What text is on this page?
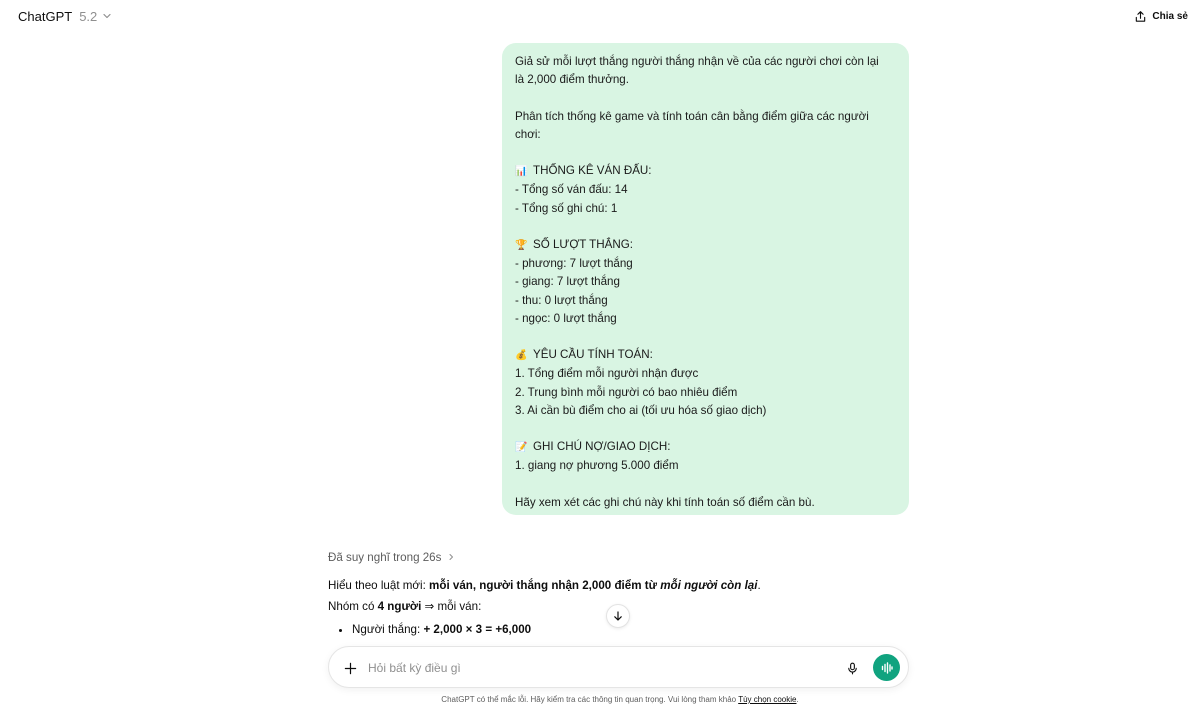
ChatGPT 5.2	Chia sẻ
Giả sử mỗi lượt thắng người thắng nhận về của các người chơi còn lại
là 2,000 điểm thưởng.
Phân tích thống kê game và tính toán cân bằng điểm giữa các người
chơi:
📊 THỐNG KÊ VÁN ĐẤU:
- Tổng số ván đấu: 14
- Tổng số ghi chú: 1
🏆 SỐ LƯỢT THẮNG:
- phương: 7 lượt thắng
- giang: 7 lượt thắng
- thu: 0 lượt thắng
- ngọc: 0 lượt thắng
💰 YÊU CẦU TÍNH TOÁN:
1. Tổng điểm mỗi người nhận được
2. Trung bình mỗi người có bao nhiêu điểm
3. Ai cần bù điểm cho ai (tối ưu hóa số giao dịch)
📝 GHI CHÚ NỢ/GIAO DỊCH:
1. giang nợ phương 5.000 điểm
Hãy xem xét các ghi chú này khi tính toán số điểm cần bù.
Đã suy nghĩ trong 26s

Hiểu theo luật mới: mỗi ván, người thắng nhận 2,000 điểm từ mỗi người còn lại.

Nhóm có 4 người ⇒ mỗi ván:

• Người thắng: + 2,000 × 3 = +6,000
Hỏi bất kỳ điều gì
ChatGPT có thể mắc lỗi. Hãy kiểm tra các thông tin quan trọng. Vui lòng tham khảo Tùy chọn cookie.
